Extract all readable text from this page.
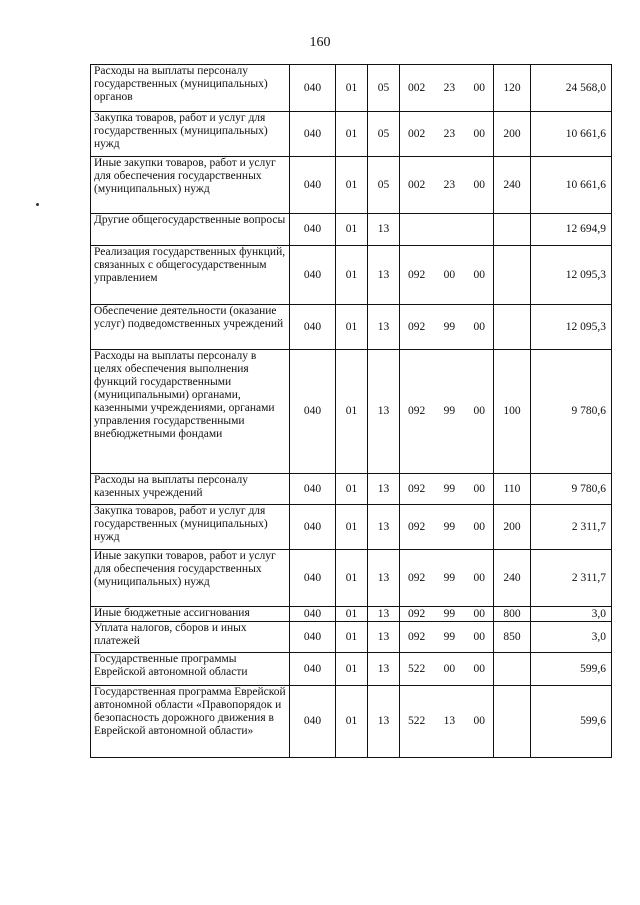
160
Расходы на выплаты персоналу государственных (муниципальных) органов	040	01	05	002 23 00	120	24 568,0
Закупка товаров, работ и услуг для государственных (муниципальных) нужд	040	01	05	002 23 00	200	10 661,6
Иные закупки товаров, работ и услуг для обеспечения государственных (муниципальных) нужд	040	01	05	002 23 00	240	10 661,6
Другие общегосударственные вопросы	040	01	13			12 694,9
Реализация государственных функций, связанных с общегосударственным управлением	040	01	13	092 00 00		12 095,3
Обеспечение деятельности (оказание услуг) подведомственных учреждений	040	01	13	092 99 00		12 095,3
Расходы на выплаты персоналу в целях обеспечения выполнения функций государственными (муниципальными) органами, казенными учреждениями, органами управления государственными внебюджетными фондами	040	01	13	092 99 00	100	9 780,6
Расходы на выплаты персоналу казенных учреждений	040	01	13	092 99 00	110	9 780,6
Закупка товаров, работ и услуг для государственных (муниципальных) нужд	040	01	13	092 99 00	200	2 311,7
Иные закупки товаров, работ и услуг для обеспечения государственных (муниципальных) нужд	040	01	13	092 99 00	240	2 311,7
Иные бюджетные ассигнования	040	01	13	092 99 00	800	3,0
Уплата налогов, сборов и иных платежей	040	01	13	092 99 00	850	3,0
Государственные программы Еврейской автономной области	040	01	13	522 00 00		599,6
Государственная программа Еврейской автономной области «Правопорядок и безопасность дорожного движения в Еврейской автономной области»	040	01	13	522 13 00		599,6
